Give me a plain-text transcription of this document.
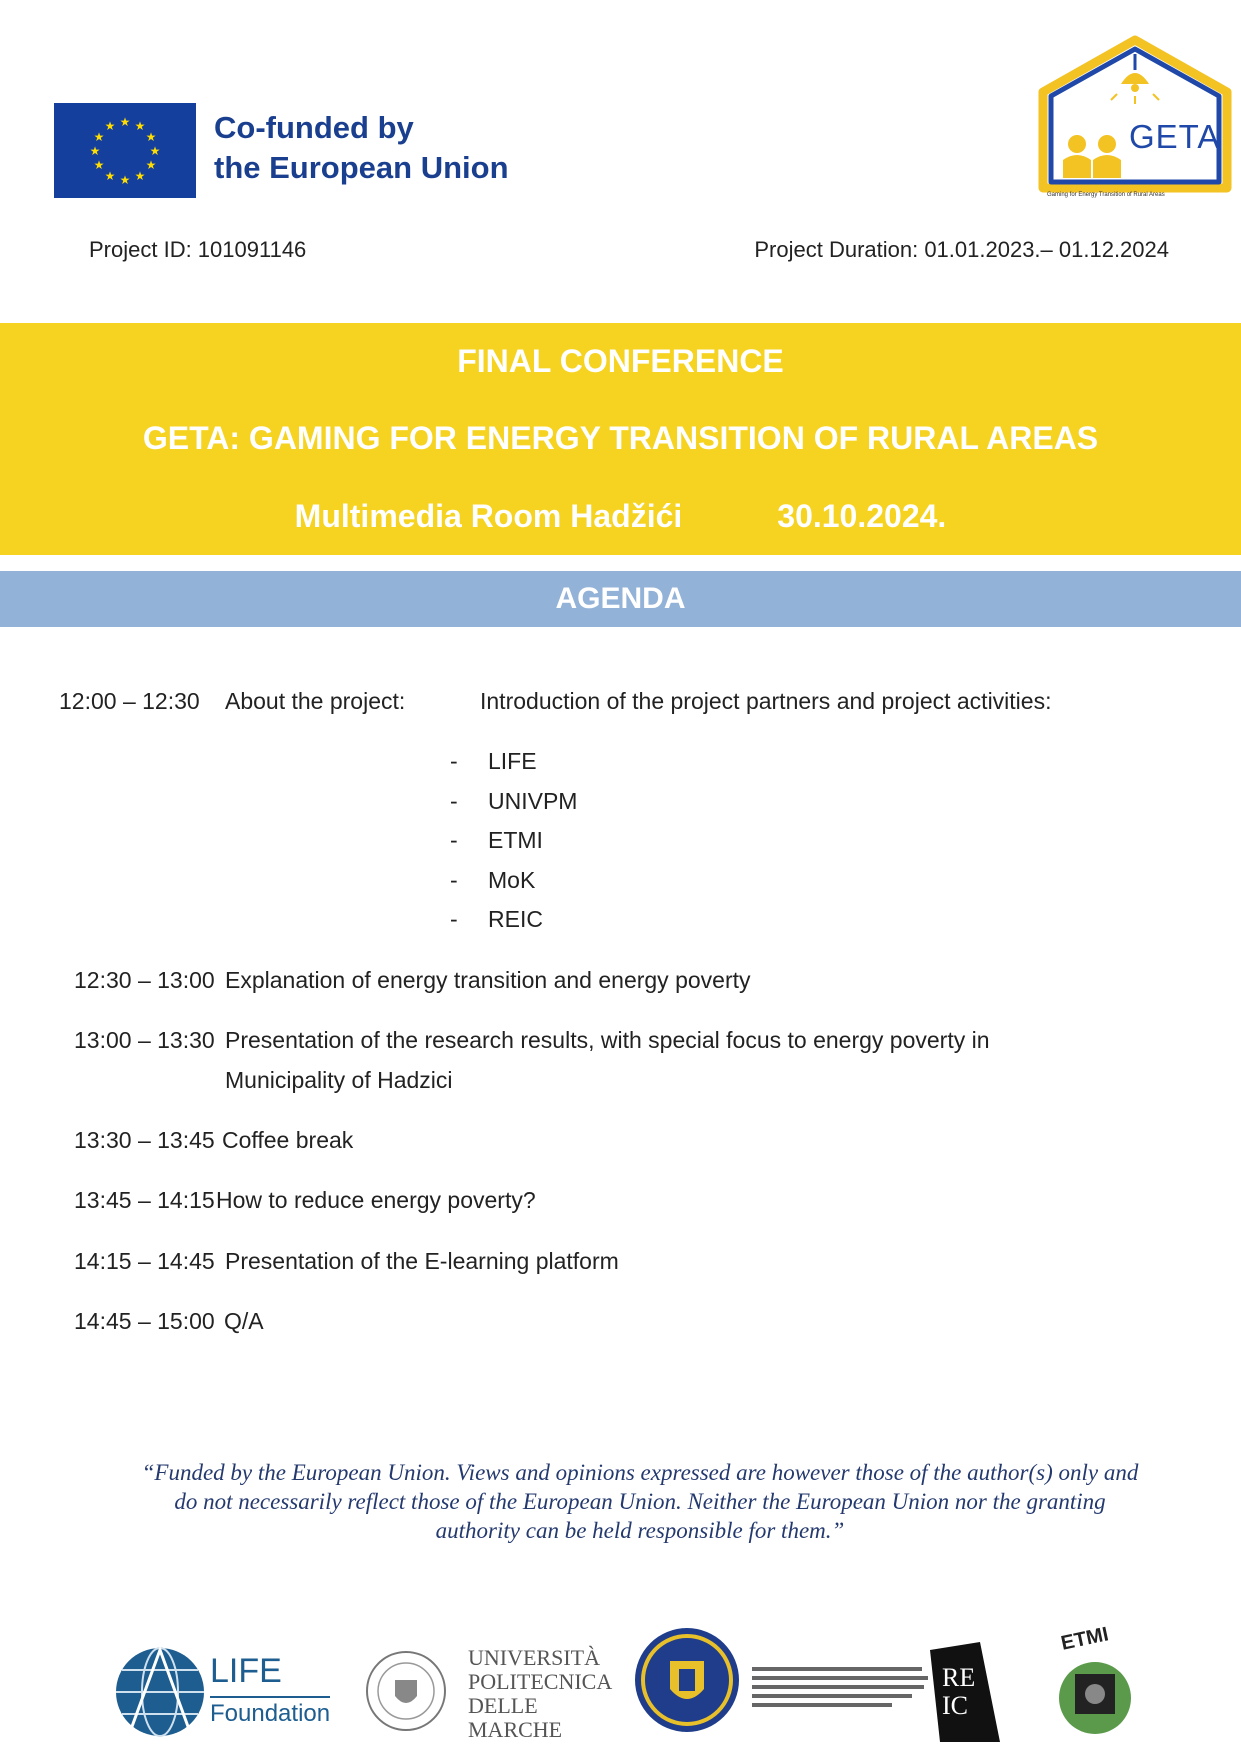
★ ★
★
★
★
★
★
★
★
★
★
★	Co-funded by
the European Union
GETA
Gaming for Energy Transition of Rural Areas
Project ID: 101091146	Project Duration: 01.01.2023.– 01.12.2024
FINAL CONFERENCE
GETA: GAMING FOR ENERGY TRANSITION OF RURAL AREAS
Multimedia Room Hadžići	30.10.2024.
AGENDA
12:00 – 12:30 About the project:	Introduction of the project partners and project activities:
- LIFE
- UNIVPM
- ETMI
- MoK
- REIC
12:30 – 13:00 Explanation of energy transition and energy poverty
13:00 – 13:30 Presentation of the research results, with special focus to energy poverty in
Municipality of Hadzici
13:30 – 13:45 Coffee break
13:45 – 14:15 How to reduce energy poverty?
14:15 – 14:45 Presentation of the E-learning platform
14:45 – 15:00 Q/A
“Funded by the European Union. Views and opinions expressed are however those of the author(s) only and
do not necessarily reflect those of the European Union. Neither the European Union nor the granting
authority can be held responsible for them.”
LIFE
Foundation
UNIVERSITÀ
POLITECNICA
DELLE MARCHE
RE IC
ETMI
